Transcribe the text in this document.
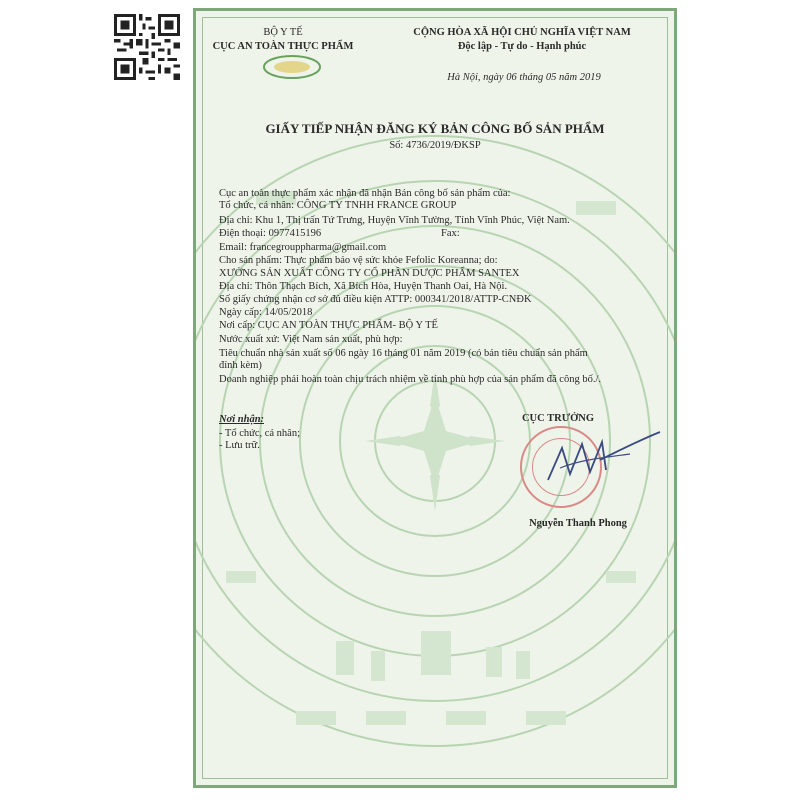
BỘ Y TẾ
CỤC AN TOÀN THỰC PHẨM
CỘNG HÒA XÃ HỘI CHỦ NGHĨA VIỆT NAM
Độc lập - Tự do - Hạnh phúc
Hà Nội, ngày 06 tháng 05 năm 2019
GIẤY TIẾP NHẬN ĐĂNG KÝ BẢN CÔNG BỐ SẢN PHẨM
Số: 4736/2019/ĐKSP
Cục an toàn thực phẩm xác nhận đã nhận Bản công bố sản phẩm của:
Tổ chức, cá nhân: CÔNG TY TNHH FRANCE GROUP
Địa chỉ: Khu 1, Thị trấn Tứ Trưng, Huyện Vĩnh Tường, Tỉnh Vĩnh Phúc, Việt Nam.
Điện thoại: 0977415196	Fax:
Email: francegrouppharma@gmail.com
Cho sản phẩm: Thực phẩm bảo vệ sức khỏe Fefolic Koreanna; do:
XƯỞNG SẢN XUẤT CÔNG TY CỔ PHẦN DƯỢC PHẨM SANTEX
Địa chỉ: Thôn Thạch Bích, Xã Bích Hòa, Huyện Thanh Oai, Hà Nội.
Số giấy chứng nhận cơ sở đủ điều kiện ATTP: 000341/2018/ATTP-CNĐK
Ngày cấp: 14/05/2018
Nơi cấp: CỤC AN TOÀN THỰC PHẨM- BỘ Y TẾ
Nước xuất xứ: Việt Nam sản xuất, phù hợp:
Tiêu chuẩn nhà sản xuất số 06 ngày 16 tháng 01 năm 2019 (có bản tiêu chuẩn sản phẩm
đính kèm)
Doanh nghiệp phải hoàn toàn chịu trách nhiệm về tính phù hợp của sản phẩm đã công bố./.
Nơi nhận:
- Tổ chức, cá nhân;
- Lưu trữ.
CỤC TRƯỞNG
Nguyễn Thanh Phong
